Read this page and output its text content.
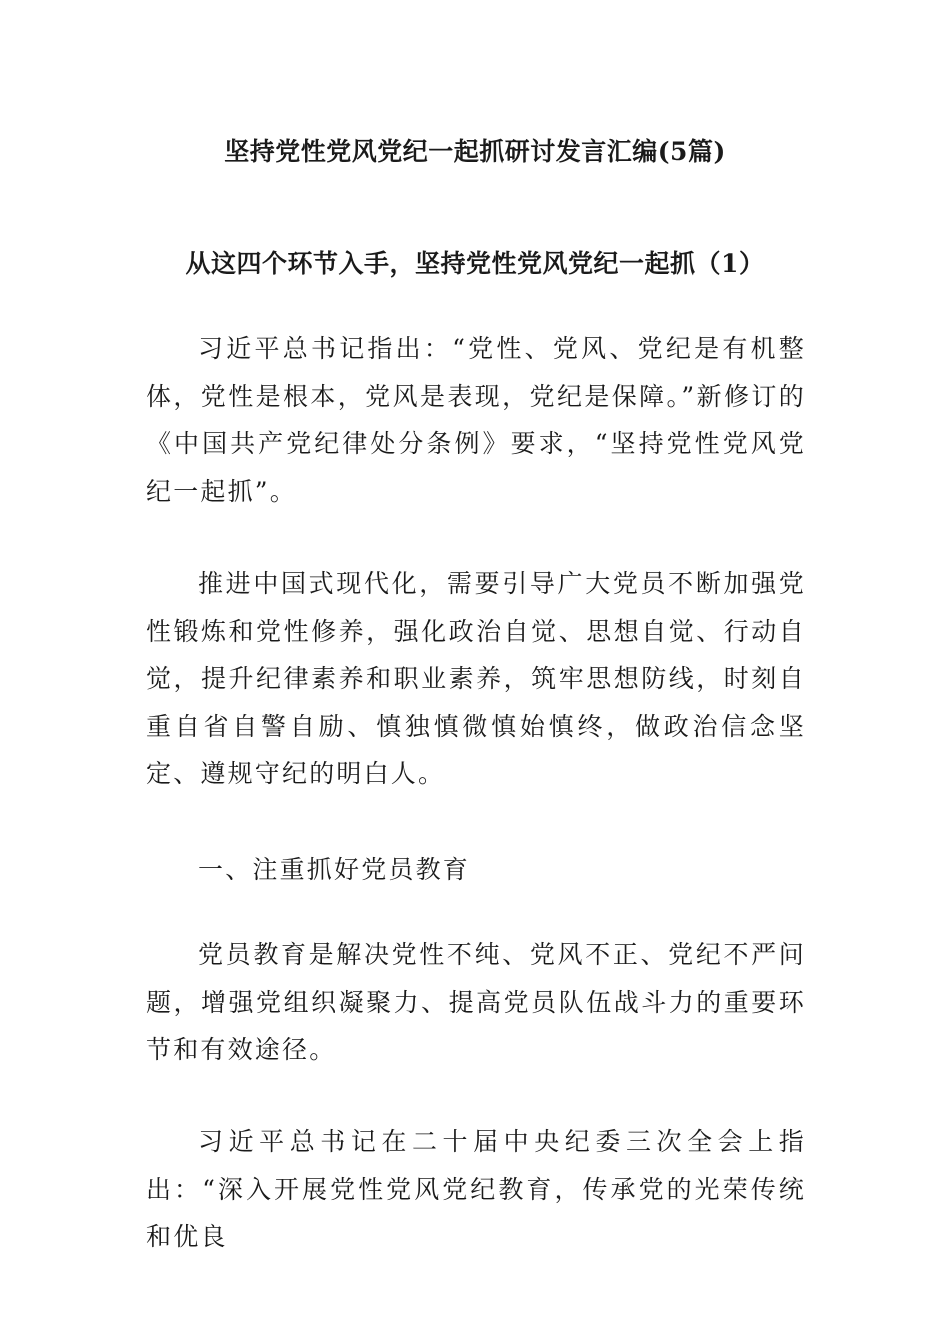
坚持党性党风党纪一起抓研讨发言汇编(5篇)
从这四个环节入手，坚持党性党风党纪一起抓（1）

习近平总书记指出：“党性、党风、党纪是有机整体，党性是根本，党风是表现，党纪是保障。”新修订的《中国共产党纪律处分条例》要求，“坚持党性党风党纪一起抓”。

推进中国式现代化，需要引导广大党员不断加强党性锻炼和党性修养，强化政治自觉、思想自觉、行动自觉，提升纪律素养和职业素养，筑牢思想防线，时刻自重自省自警自励、慎独慎微慎始慎终，做政治信念坚定、遵规守纪的明白人。

一、注重抓好党员教育

党员教育是解决党性不纯、党风不正、党纪不严问题，增强党组织凝聚力、提高党员队伍战斗力的重要环节和有效途径。

习近平总书记在二十届中央纪委三次全会上指出：“深入开展党性党风党纪教育，传承党的光荣传统和优良
